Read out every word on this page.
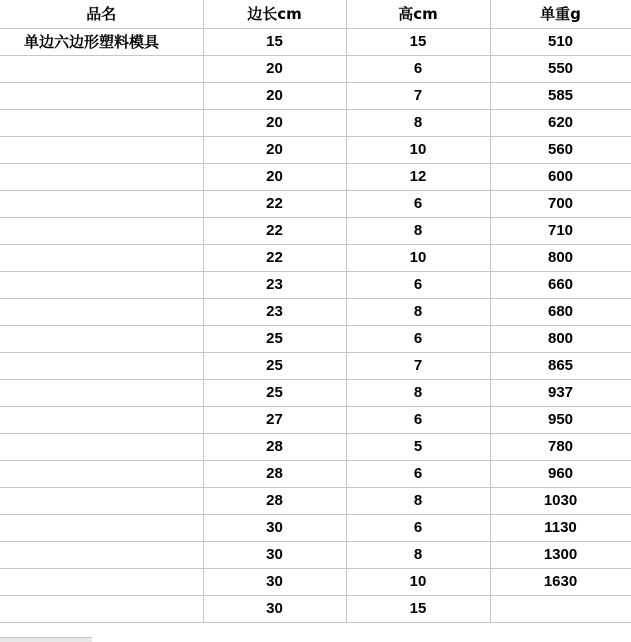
品名	边长cm	高cm	单重g
单边六边形塑料模具	15	15	510
	20	6	550
	20	7	585
	20	8	620
	20	10	560
	20	12	600
	22	6	700
	22	8	710
	22	10	800
	23	6	660
	23	8	680
	25	6	800
	25	7	865
	25	8	937
	27	6	950
	28	5	780
	28	6	960
	28	8	1030
	30	6	1130
	30	8	1300
	30	10	1630
	30	15	
